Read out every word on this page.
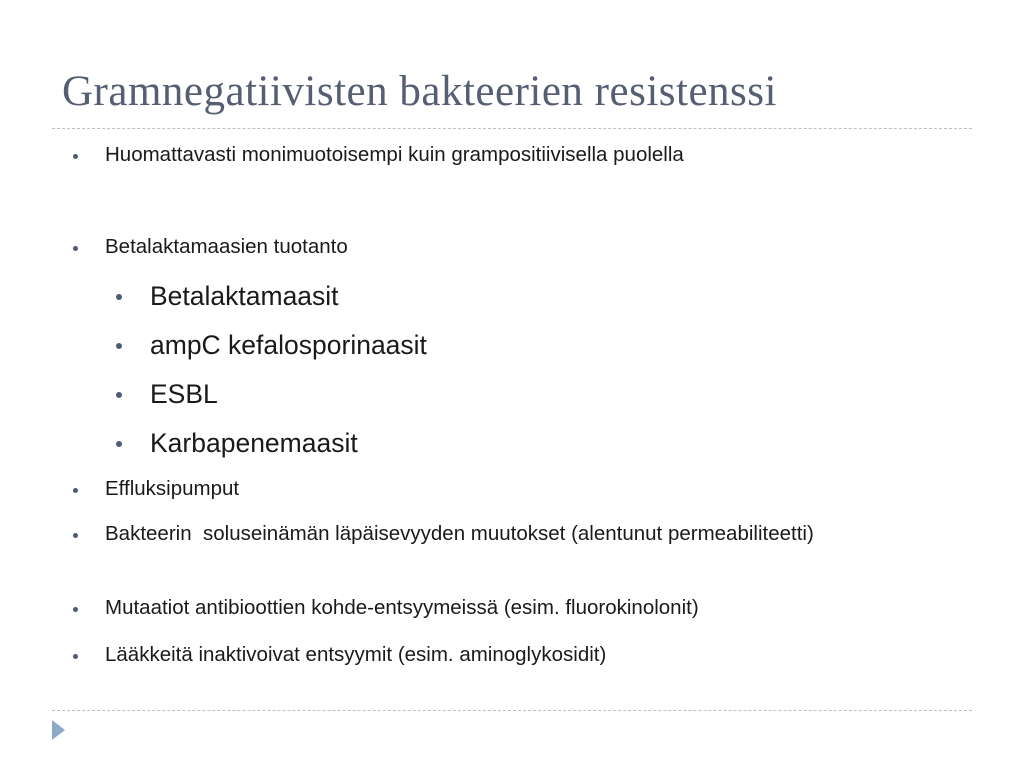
Gramnegatiivisten bakteerien resistenssi
Huomattavasti monimuotoisempi kuin grampositiivisella puolella
Betalaktamaasien tuotanto
Betalaktamaasit
ampC kefalosporinaasit
ESBL
Karbapenemaasit
Effluksipumput
Bakteerin  soluseinämän läpäisevyyden muutokset (alentunut permeabiliteetti)
Mutaatiot antibioottien kohde-entsyymeissä (esim. fluorokinolonit)
Lääkkeitä inaktivoivat entsyymit (esim. aminoglykosidit)
